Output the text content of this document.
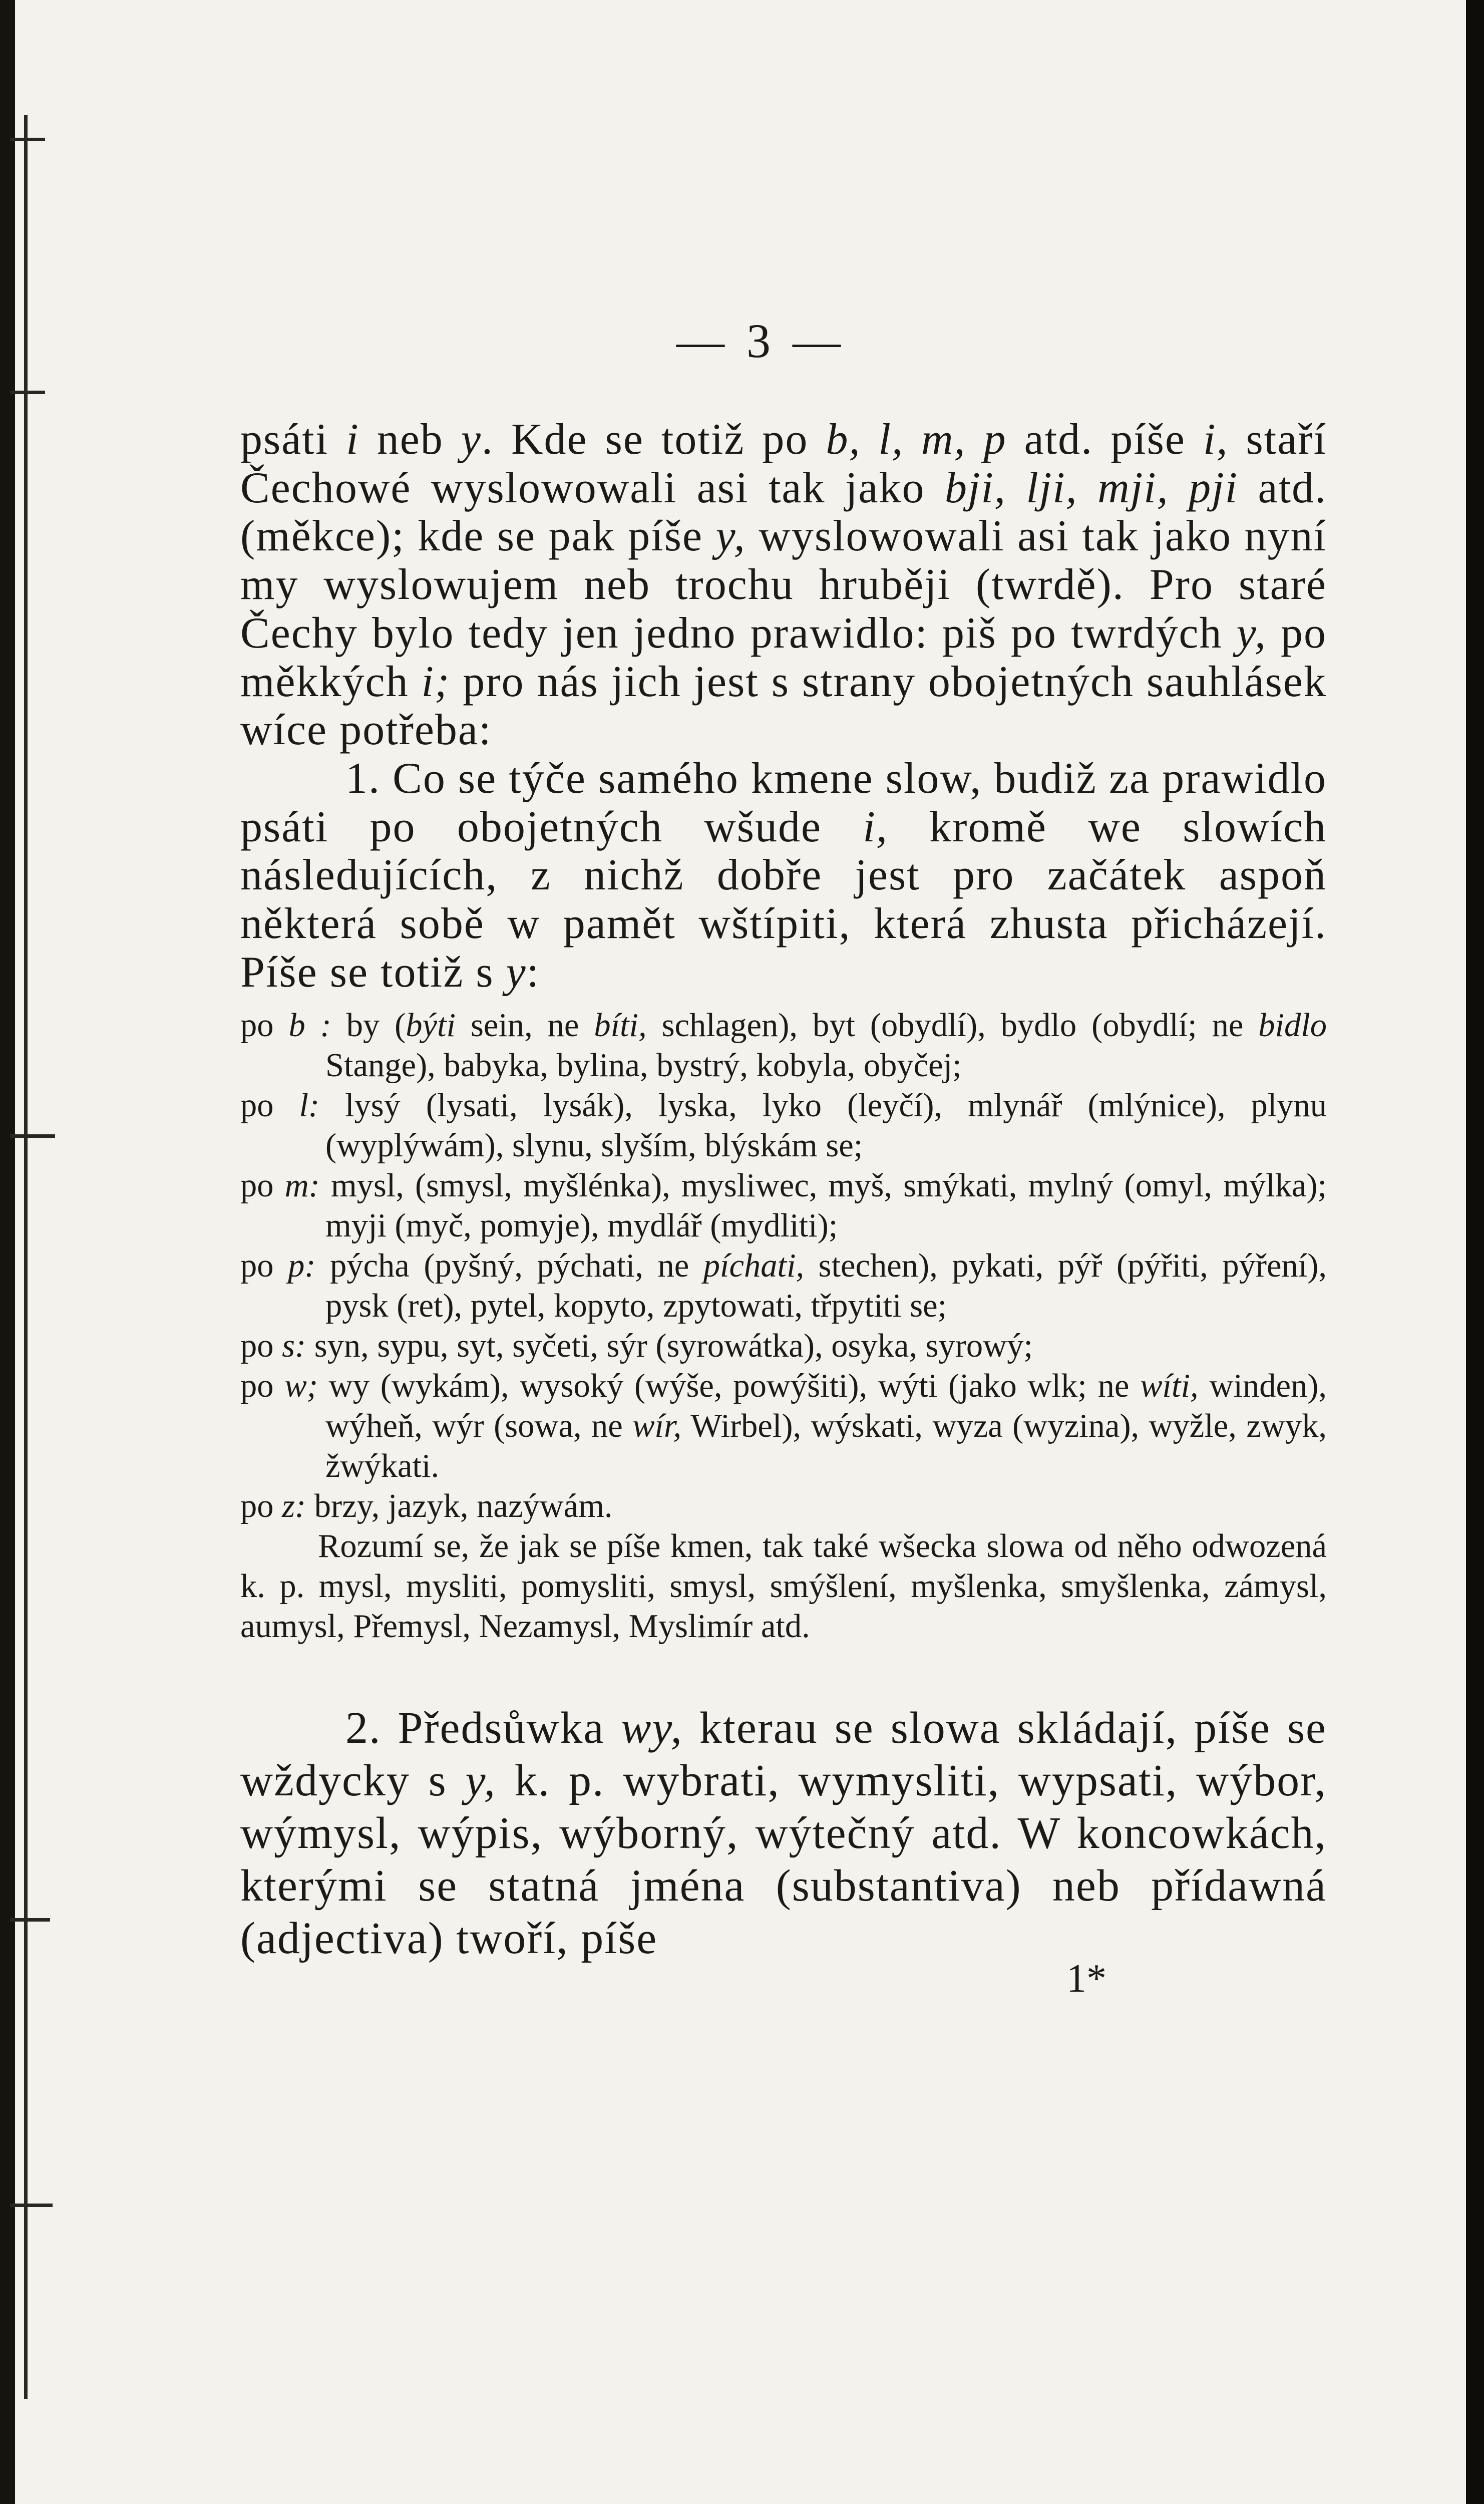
— 3 —

psáti i neb y. Kde se totiž po b, l, m, p atd. píše i, staří Čechowé wyslowowali asi tak jako bji, lji, mji, pji atd. (měkce); kde se pak píše y, wyslowowali asi tak jako nyní my wyslowujem neb trochu hruběji (twrdě). Pro staré Čechy bylo tedy jen jedno prawidlo: piš po twrdých y, po měkkých i; pro nás jich jest s strany obojetných sauhlásek wíce potřeba:

1. Co se týče samého kmene slow, budiž za prawidlo psáti po obojetných wšude i, kromě we slowích následujících, z nichž dobře jest pro začátek aspoň některá sobě w pamět wštípiti, která zhusta přicházejí. Píše se totiž s y:

po b : by (býti sein, ne bíti, schlagen), byt (obydlí), bydlo (obydlí; ne bidlo Stange), babyka, bylina, bystrý, kobyla, obyčej;

po l: lysý (lysati, lysák), lyska, lyko (leyčí), mlynář (mlýnice), plynu (wyplýwám), slynu, slyším, blýskám se;

po m: mysl, (smysl, myšlénka), mysliwec, myš, smýkati, mylný (omyl, mýlka); myji (myč, pomyje), mydlář (mydliti);

po p: pýcha (pyšný, pýchati, ne píchati, stechen), pykati, pýř (pýřiti, pýření), pysk (ret), pytel, kopyto, zpytowati, třpytiti se;

po s: syn, sypu, syt, syčeti, sýr (syrowátka), osyka, syrowý;

po w; wy (wykám), wysoký (wýše, powýšiti), wýti (jako wlk; ne wíti, winden), wýheň, wýr (sowa, ne wír, Wirbel), wýskati, wyza (wyzina), wyžle, zwyk, žwýkati.

po z: brzy, jazyk, nazýwám.

Rozumí se, že jak se píše kmen, tak také wšecka slowa od něho odwozená k. p. mysl, mysliti, pomysliti, smysl, smýšlení, myšlenka, smyšlenka, zámysl, aumysl, Přemysl, Nezamysl, Myslimír atd.

2. Předsůwka wy, kterau se slowa skládají, píše se wždycky s y, k. p. wybrati, wymysliti, wypsati, wýbor, wýmysl, wýpis, wýborný, wýtečný atd. W koncowkách, kterými se statná jména (substantiva) neb přídawná (adjectiva) twoří, píše

1*
